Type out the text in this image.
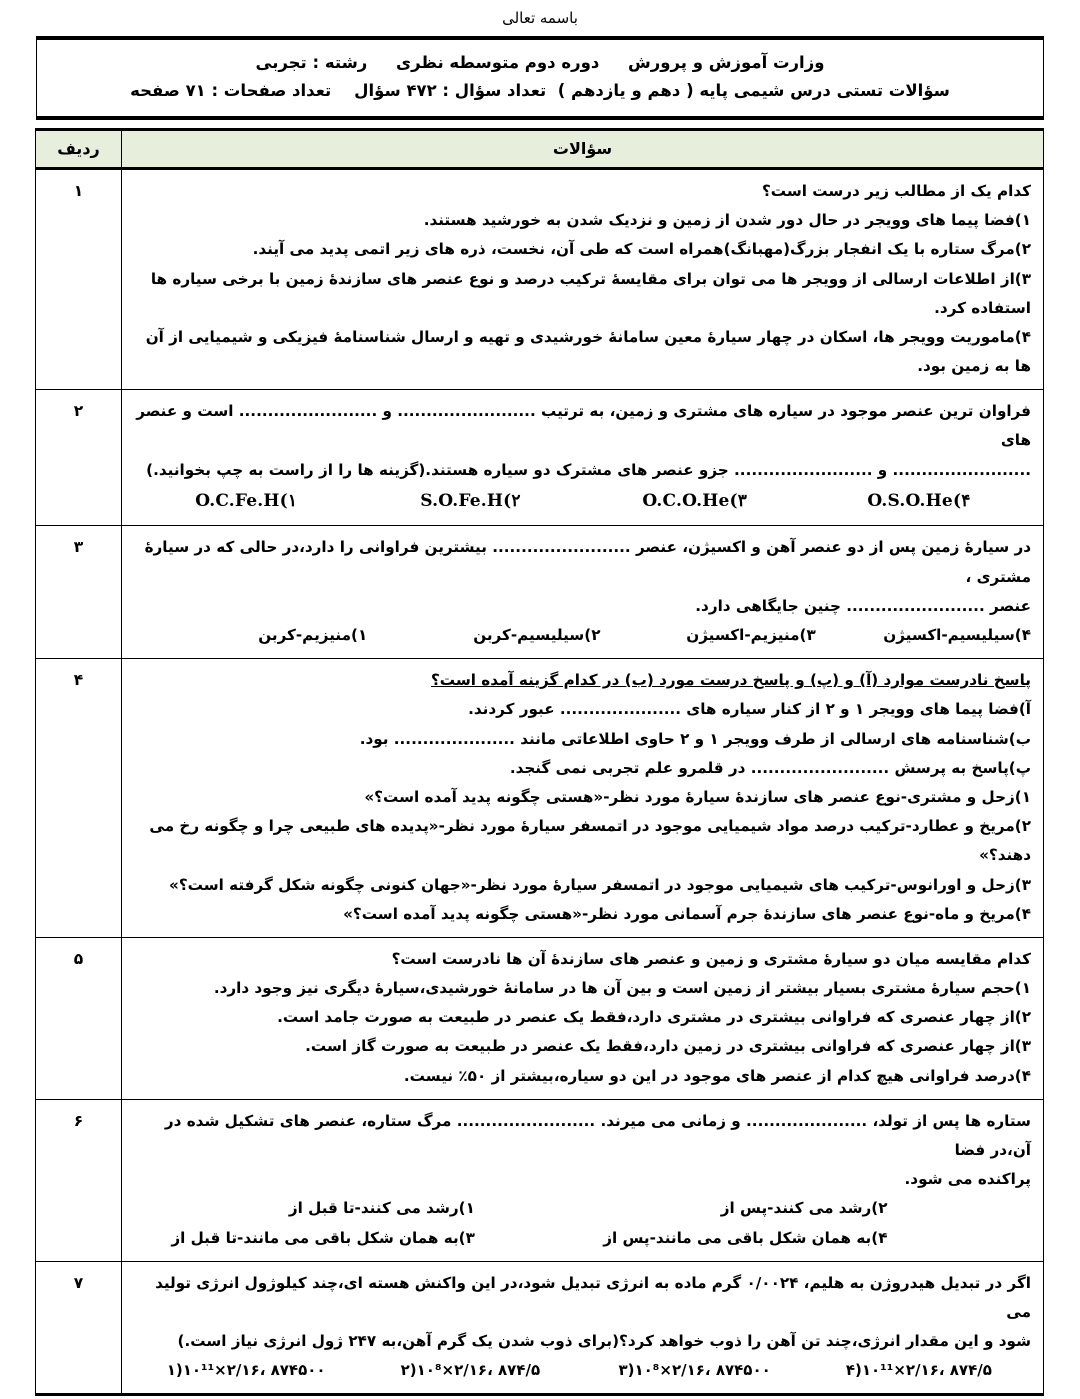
باسمه تعالی
وزارت آموزش و پرورش     دوره دوم متوسطه نظری     رشته : تجربی
سؤالات تستی درس شیمی پایه ( دهم و یازدهم )  تعداد سؤال : ۴۷۲ سؤال    تعداد صفحات : ۷۱ صفحه
سؤالات	ردیف

کدام یک از مطالب زیر درست است؟

۱)فضا پیما های وویجر در حال دور شدن از زمین و نزدیک شدن به خورشید هستند.

۲)مرگ ستاره با یک انفجار بزرگ(مهبانگ)همراه است که طی آن، نخست، ذره های زیر اتمی پدید می آیند.

۳)از اطلاعات ارسالی از وویجر ها می توان برای مقایسهٔ ترکیب درصد و نوع عنصر های سازندهٔ زمین با برخی سیاره ها استفاده کرد.

۴)ماموریت وویجر ها، اسکان در چهار سیارهٔ معین سامانهٔ خورشیدی و تهیه و ارسال شناسنامهٔ فیزیکی و شیمیایی از آن ها به زمین بود.	۱

فراوان ترین عنصر موجود در سیاره های مشتری و زمین، به ترتیب ........................ و ........................ است و عنصر های

........................ و ........................ جزو عنصر های مشترک دو سیاره هستند.(گزینه ها را از راست به چپ بخوانید.)

O.S.O.He(۴
O.C.O.He(۳
S.O.Fe.H(۲
O.C.Fe.H(۱
	۲

در سیارهٔ زمین پس از دو عنصر آهن و اکسیژن، عنصر ........................ بیشترین فراوانی را دارد،در حالی که در سیارهٔ مشتری ،

عنصر ........................ چنین جایگاهی دارد.

۴)سیلیسیم-اکسیژن
۳)منیزیم-اکسیژن
۲)سیلیسیم-کربن
۱)منیزیم-کربن
	۳

پاسخ نادرست موارد (آ) و (پ) و پاسخ درست مورد (ب) در کدام گزینه آمده است؟

آ)فضا پیما های وویجر ۱ و ۲ از کنار سیاره های ..................... عبور کردند.

ب)شناسنامه های ارسالی از طرف وویجر ۱ و ۲ حاوی اطلاعاتی مانند ..................... بود.

پ)پاسخ به پرسش ........................ در قلمرو علم تجربی نمی گنجد.

۱)زحل و مشتری-نوع عنصر های سازندهٔ سیارهٔ مورد نظر-«هستی چگونه پدید آمده است؟»

۲)مریخ و عطارد-ترکیب درصد مواد شیمیایی موجود در اتمسفر سیارهٔ مورد نظر-«پدیده های طبیعی چرا و چگونه رخ می دهند؟»

۳)زحل و اورانوس-ترکیب های شیمیایی موجود در اتمسفر سیارهٔ مورد نظر-«جهان کنونی چگونه شکل گرفته است؟»

۴)مریخ و ماه-نوع عنصر های سازندهٔ جرم آسمانی مورد نظر-«هستی چگونه پدید آمده است؟»

	۴

کدام مقایسه میان دو سیارهٔ مشتری و زمین و عنصر های سازندهٔ آن ها نادرست است؟

۱)حجم سیارهٔ مشتری بسیار بیشتر از زمین است و بین آن ها در سامانهٔ خورشیدی،سیارهٔ دیگری نیز وجود دارد.

۲)از چهار عنصری که فراوانی بیشتری در مشتری دارد،فقط یک عنصر در طبیعت به صورت جامد است.

۳)از چهار عنصری که فراوانی بیشتری در زمین دارد،فقط یک عنصر در طبیعت به صورت گاز است.

۴)درصد فراوانی هیچ کدام از عنصر های موجود در این دو سیاره،بیشتر از ۵۰٪ نیست.	۵

ستاره ها پس از تولد، ..................... و زمانی می میرند. ........................ مرگ ستاره، عنصر های تشکیل شده در آن،در فضا

پراکنده می شود.

۲)رشد می کنند-پس از
۱)رشد می کنند-تا قبل از
۴)به همان شکل باقی می مانند-پس از
۳)به همان شکل باقی می مانند-تا قبل از
	۶

اگر در تبدیل هیدروژن به هلیم، ۰/۰۰۲۴ گرم ماده به انرژی تبدیل شود،در این واکنش هسته ای،چند کیلوژول انرژی تولید می

شود و این مقدار انرژی،چند تن آهن را ذوب خواهد کرد؟(برای ذوب شدن یک گرم آهن،به ۲۴۷ ژول انرژی نیاز است.)

۸۷۴/۵ ،۲/۱۶×۱۰¹¹(۴
۸۷۴۵۰۰ ،۲/۱۶×۱۰⁸(۳
۸۷۴/۵ ،۲/۱۶×۱۰⁸(۲
۸۷۴۵۰۰ ،۲/۱۶×۱۰¹¹(۱
	۷
